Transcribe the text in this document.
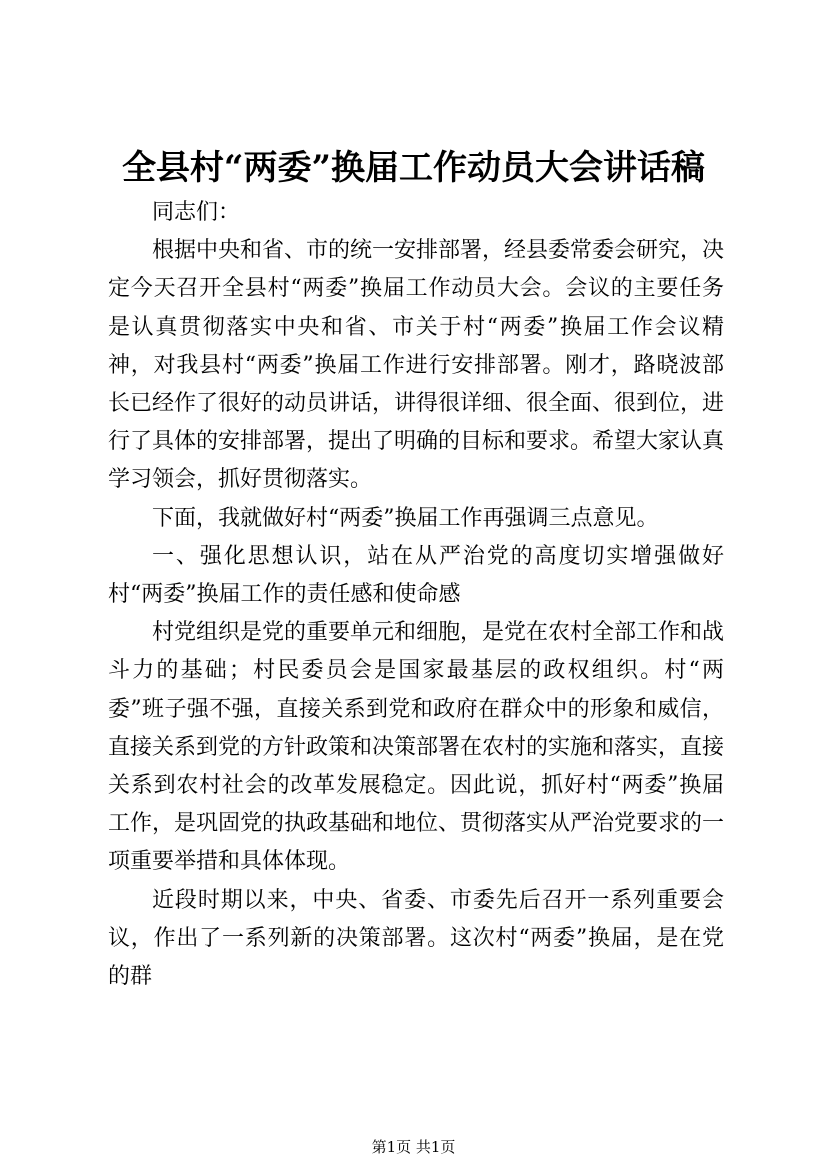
全县村“两委”换届工作动员大会讲话稿

同志们：

根据中央和省、市的统一安排部署，经县委常委会研究，决定今天召开全县村“两委”换届工作动员大会。会议的主要任务是认真贯彻落实中央和省、市关于村“两委”换届工作会议精神，对我县村“两委”换届工作进行安排部署。刚才，路晓波部长已经作了很好的动员讲话，讲得很详细、很全面、很到位，进行了具体的安排部署，提出了明确的目标和要求。希望大家认真学习领会，抓好贯彻落实。

下面，我就做好村“两委”换届工作再强调三点意见。

一、强化思想认识，站在从严治党的高度切实增强做好村“两委”换届工作的责任感和使命感

村党组织是党的重要单元和细胞，是党在农村全部工作和战斗力的基础；村民委员会是国家最基层的政权组织。村“两委”班子强不强，直接关系到党和政府在群众中的形象和威信，直接关系到党的方针政策和决策部署在农村的实施和落实，直接关系到农村社会的改革发展稳定。因此说，抓好村“两委”换届工作，是巩固党的执政基础和地位、贯彻落实从严治党要求的一项重要举措和具体体现。

近段时期以来，中央、省委、市委先后召开一系列重要会议，作出了一系列新的决策部署。这次村“两委”换届，是在党的群

第1页 共1页
